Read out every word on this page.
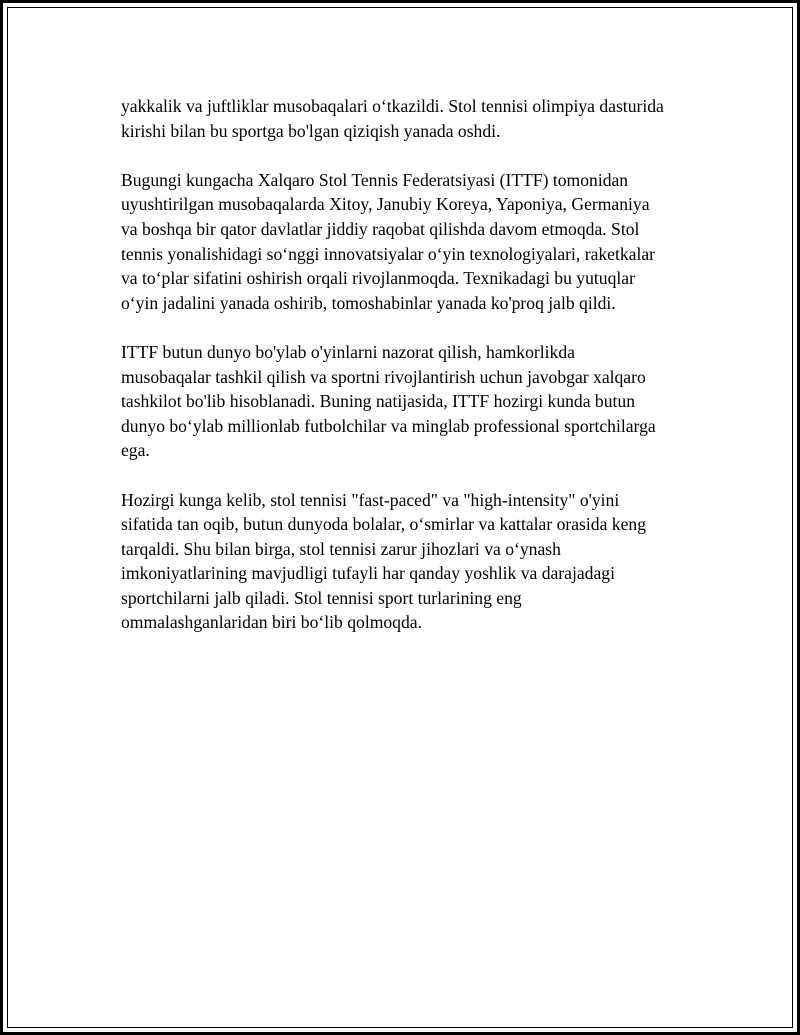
yakkalik va juftliklar musobaqalari o‘tkazildi. Stol tennisi olimpiya dasturida
kirishi bilan bu sportga bo'lgan qiziqish yanada oshdi.

Bugungi kungacha Xalqaro Stol Tennis Federatsiyasi (ITTF) tomonidan
uyushtirilgan musobaqalarda Xitoy, Janubiy Koreya, Yaponiya, Germaniya
va boshqa bir qator davlatlar jiddiy raqobat qilishda davom etmoqda. Stol
tennis yonalishidagi so‘nggi innovatsiyalar o‘yin texnologiyalari, raketkalar
va to‘plar sifatini oshirish orqali rivojlanmoqda. Texnikadagi bu yutuqlar
o‘yin jadalini yanada oshirib, tomoshabinlar yanada ko'proq jalb qildi.

ITTF butun dunyo bo'ylab o'yinlarni nazorat qilish, hamkorlikda
musobaqalar tashkil qilish va sportni rivojlantirish uchun javobgar xalqaro
tashkilot bo'lib hisoblanadi. Buning natijasida, ITTF hozirgi kunda butun
dunyo bo‘ylab millionlab futbolchilar va minglab professional sportchilarga
ega.

Hozirgi kunga kelib, stol tennisi "fast-paced" va "high-intensity" o'yini
sifatida tan oqib, butun dunyoda bolalar, o‘smirlar va kattalar orasida keng
tarqaldi. Shu bilan birga, stol tennisi zarur jihozlari va o‘ynash
imkoniyatlarining mavjudligi tufayli har qanday yoshlik va darajadagi
sportchilarni jalb qiladi. Stol tennisi sport turlarining eng
ommalashganlaridan biri bo‘lib qolmoqda.
